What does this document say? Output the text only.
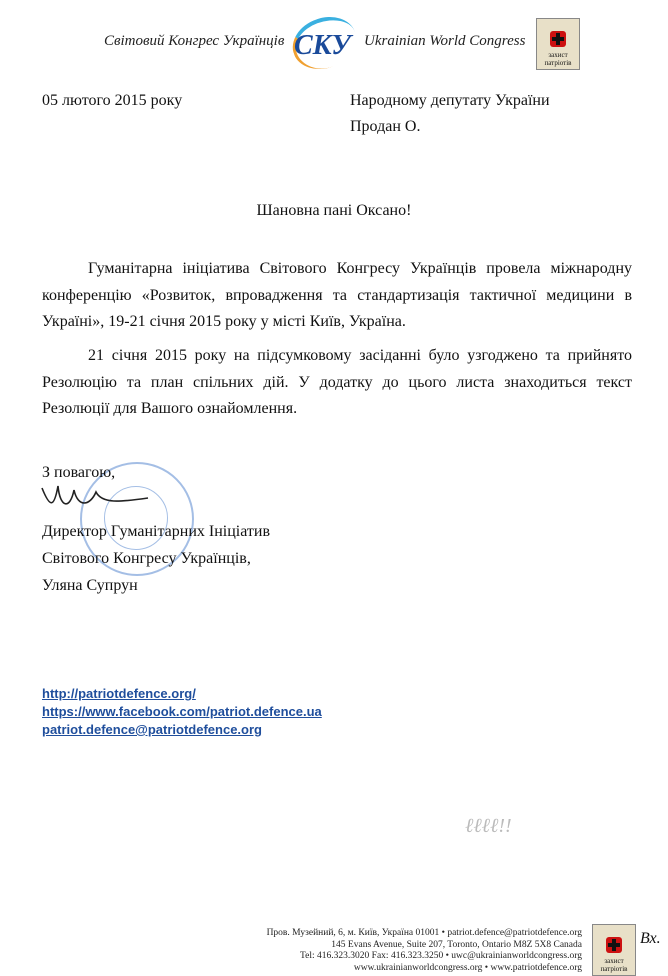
Світовий Конгрес Українців СКУ Ukrainian World Congress
захист патріотів
05 лютого 2015 року	Народному депутату України
Продан О.
Шановна пані Оксано!
Гуманітарна ініціатива Світового Конгресу Українців провела міжнародну конференцію «Розвиток, впровадження та стандартизація тактичної медицини в Україні», 19-21 січня 2015 року у місті Київ, Україна.
21 січня 2015 року на підсумковому засіданні було узгоджено та прийнято Резолюцію та план спільних дій. У додатку до цього листа знаходиться текст Резолюції для Вашого ознайомлення.
З повагою,
Директор Гуманітарних Ініціатив
Світового Конгресу Українців,
Уляна Супрун
http://patriotdefence.org/
https://www.facebook.com/patriot.defence.ua
patriot.defence@patriotdefence.org
ℓℓℓℓ!!
Пров. Музейний, 6, м. Київ, Україна 01001 • patriot.defence@patriotdefence.org
145 Evans Avenue, Suite 207, Toronto, Ontario M8Z 5X8 Canada
Tel: 416.323.3020 Fax: 416.323.3250 • uwc@ukrainianworldcongress.org
www.ukrainianworldcongress.org • www.patriotdefence.org
захист патріотів
Вх.
